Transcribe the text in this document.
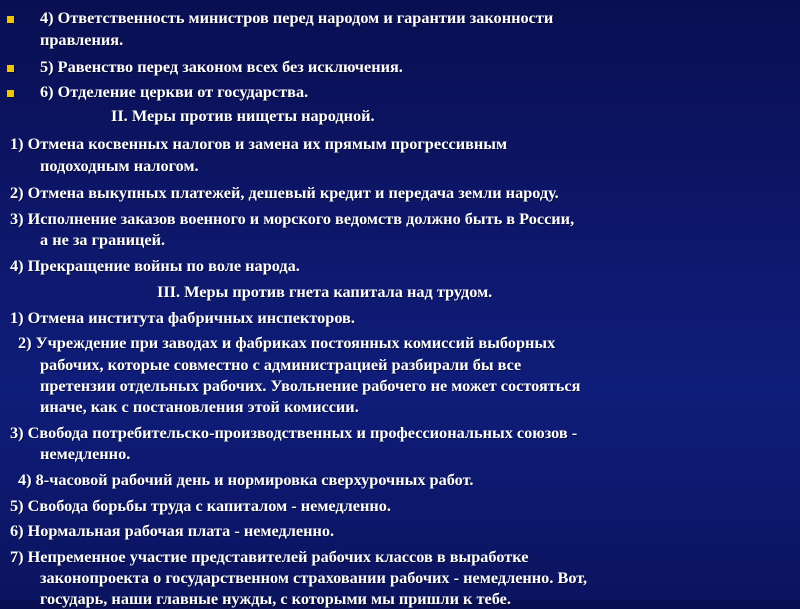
4) Ответственность министров перед народом и гарантии законности
правления.
5) Равенство перед законом всех без исключения.
6) Отделение церкви от государства.
II. Меры против нищеты народной.
1) Отмена косвенных налогов и замена их прямым прогрессивным
подоходным налогом.
2) Отмена выкупных платежей, дешевый кредит и передача земли народу.
3) Исполнение заказов военного и морского ведомств должно быть в России,
а не за границей.
4) Прекращение войны по воле народа.
III. Меры против гнета капитала над трудом.
1) Отмена института фабричных инспекторов.
2) Учреждение при заводах и фабриках постоянных комиссий выборных
рабочих, которые совместно с администрацией разбирали бы все
претензии отдельных рабочих. Увольнение рабочего не может состояться
иначе, как с постановления этой комиссии.
3) Свобода потребительско-производственных и профессиональных союзов -
немедленно.
4) 8-часовой рабочий день и нормировка сверхурочных работ.
5) Свобода борьбы труда с капиталом - немедленно.
6) Нормальная рабочая плата - немедленно.
7) Непременное участие представителей рабочих классов в выработке
законопроекта о государственном страховании рабочих - немедленно. Вот,
государь, наши главные нужды, с которыми мы пришли к тебе.
